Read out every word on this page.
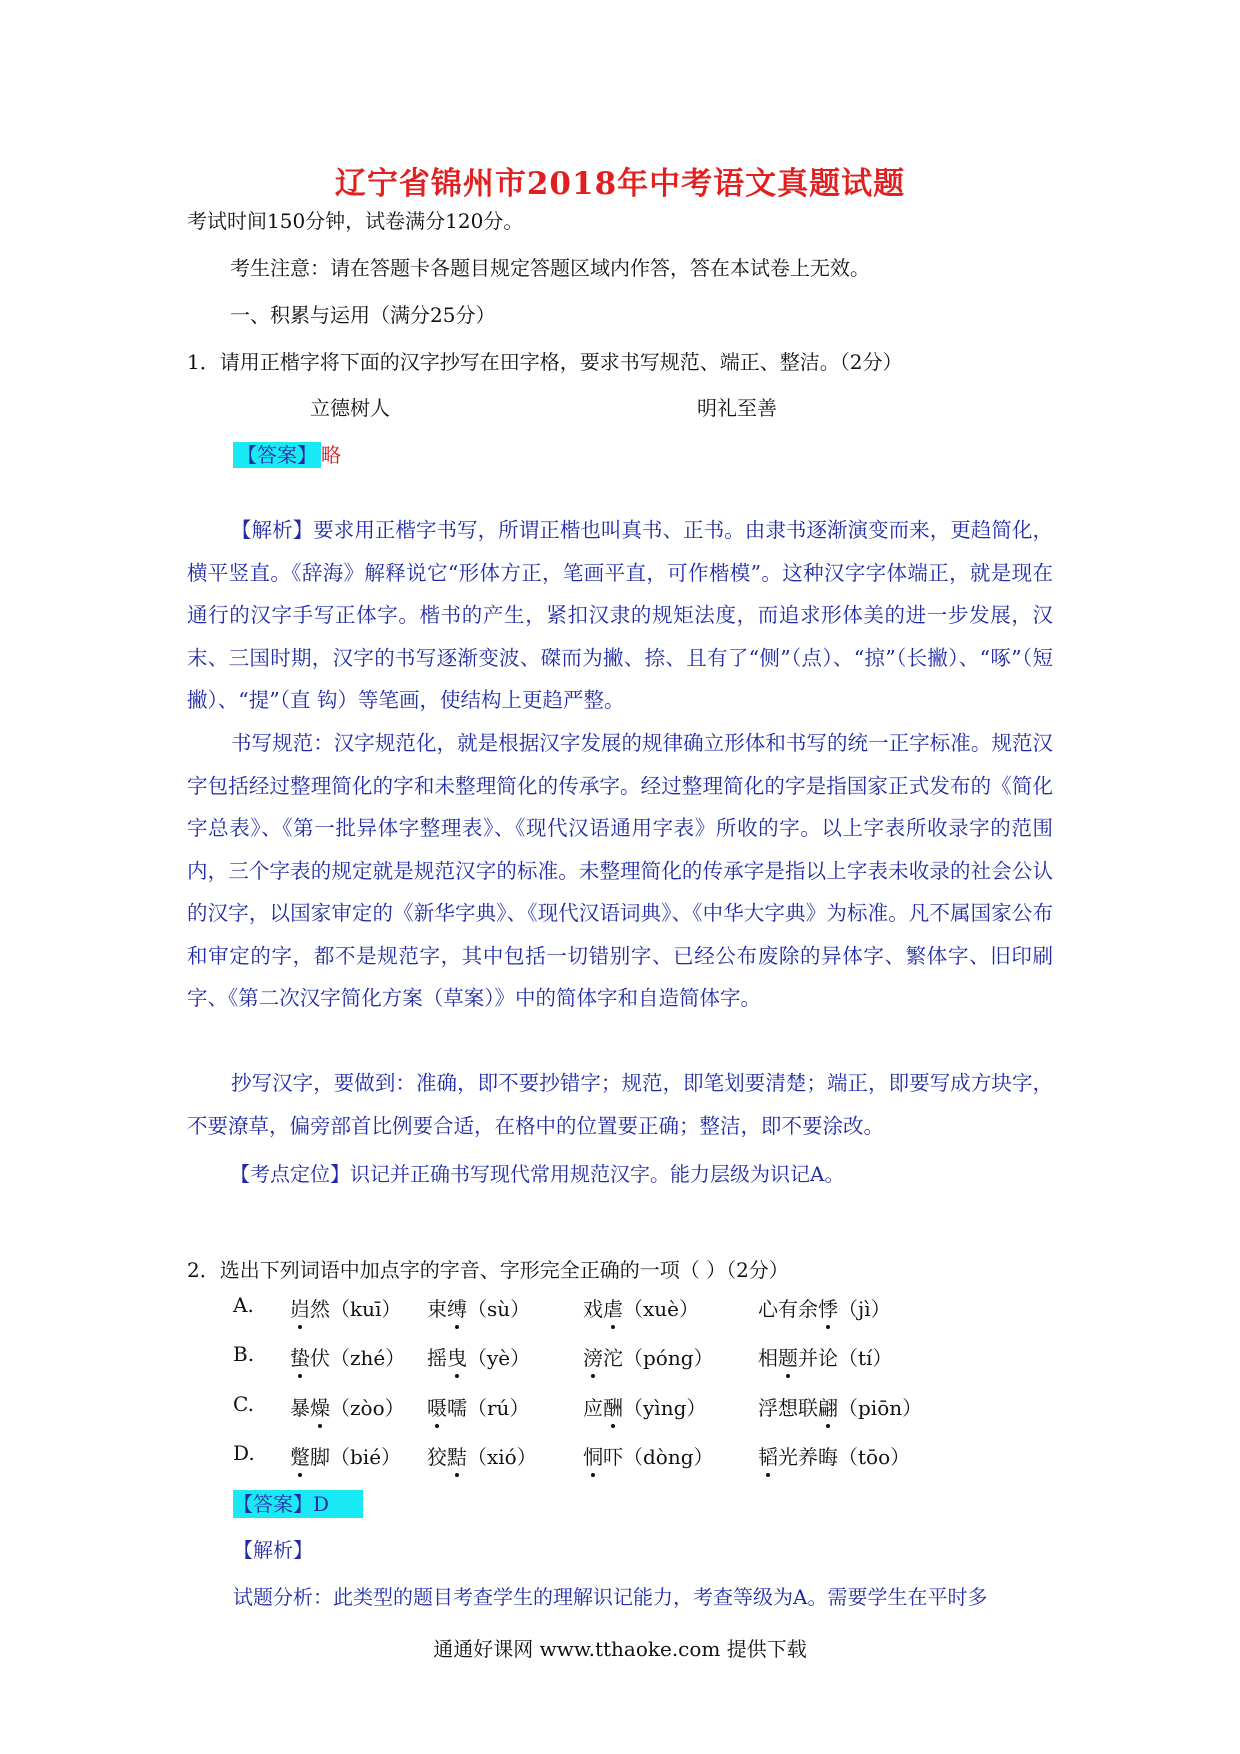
辽宁省锦州市2018年中考语文真题试题
考试时间150分钟，试卷满分120分。
考生注意：请在答题卡各题目规定答题区域内作答，答在本试卷上无效。
一、积累与运用（满分25分）
1．请用正楷字将下面的汉字抄写在田字格，要求书写规范、端正、整洁。（2分）
立德树人	明礼至善
【答案】 略
【解析】要求用正楷字书写，所谓正楷也叫真书、正书。由隶书逐渐演变而来，更趋简化，横平竖直。《辞海》解释说它“形体方正，笔画平直，可作楷模”。这种汉字字体端正，就是现在通行的汉字手写正体字。楷书的产生，紧扣汉隶的规矩法度，而追求形体美的进一步发展，汉末、三国时期，汉字的书写逐渐变波、磔而为撇、捺、且有了“侧”（点）、“掠”（长撇）、“啄”（短撇）、“提”（直 钩）等笔画，使结构上更趋严整。
书写规范：汉字规范化，就是根据汉字发展的规律确立形体和书写的统一正字标准。规范汉字包括经过整理简化的字和未整理简化的传承字。经过整理简化的字是指国家正式发布的《简化字总表》、《第一批异体字整理表》、《现代汉语通用字表》所收的字。以上字表所收录字的范围内，三个字表的规定就是规范汉字的标准。未整理简化的传承字是指以上字表未收录的社会公认的汉字，以国家审定的《新华字典》、《现代汉语词典》、《中华大字典》为标准。凡不属国家公布和审定的字，都不是规范字，其中包括一切错别字、已经公布废除的异体字、繁体字、旧印刷字、《第二次汉字简化方案（草案）》中的简体字和自造简体字。
抄写汉字，要做到：准确，即不要抄错字；规范，即笔划要清楚；端正，即要写成方块字，不要潦草，偏旁部首比例要合适，在格中的位置要正确；整洁，即不要涂改。
【考点定位】识记并正确书写现代常用规范汉字。能力层级为识记A。
2．选出下列词语中加点字的字音、字形完全正确的一项（ ）（2分）
A. 岿然（kuī） 束缚（sù）	戏虐（xuè）	心有余悸（jì）
B. 蛰伏（zhé） 摇曳（yè）	滂沱（póng） 相题并论（tí）
C. 暴燥（zòo） 嗫嚅（rú）	应酬（yìng）	浮想联翩（piōn）
D. 蹩脚（bié） 狡黠（xió） 恫吓（dòng） 韬光养晦（tōo）
【答案】D
【解析】
试题分析：此类型的题目考查学生的理解识记能力，考查等级为A。需要学生在平时多
通通好课网 www.tthaoke.com 提供下载
